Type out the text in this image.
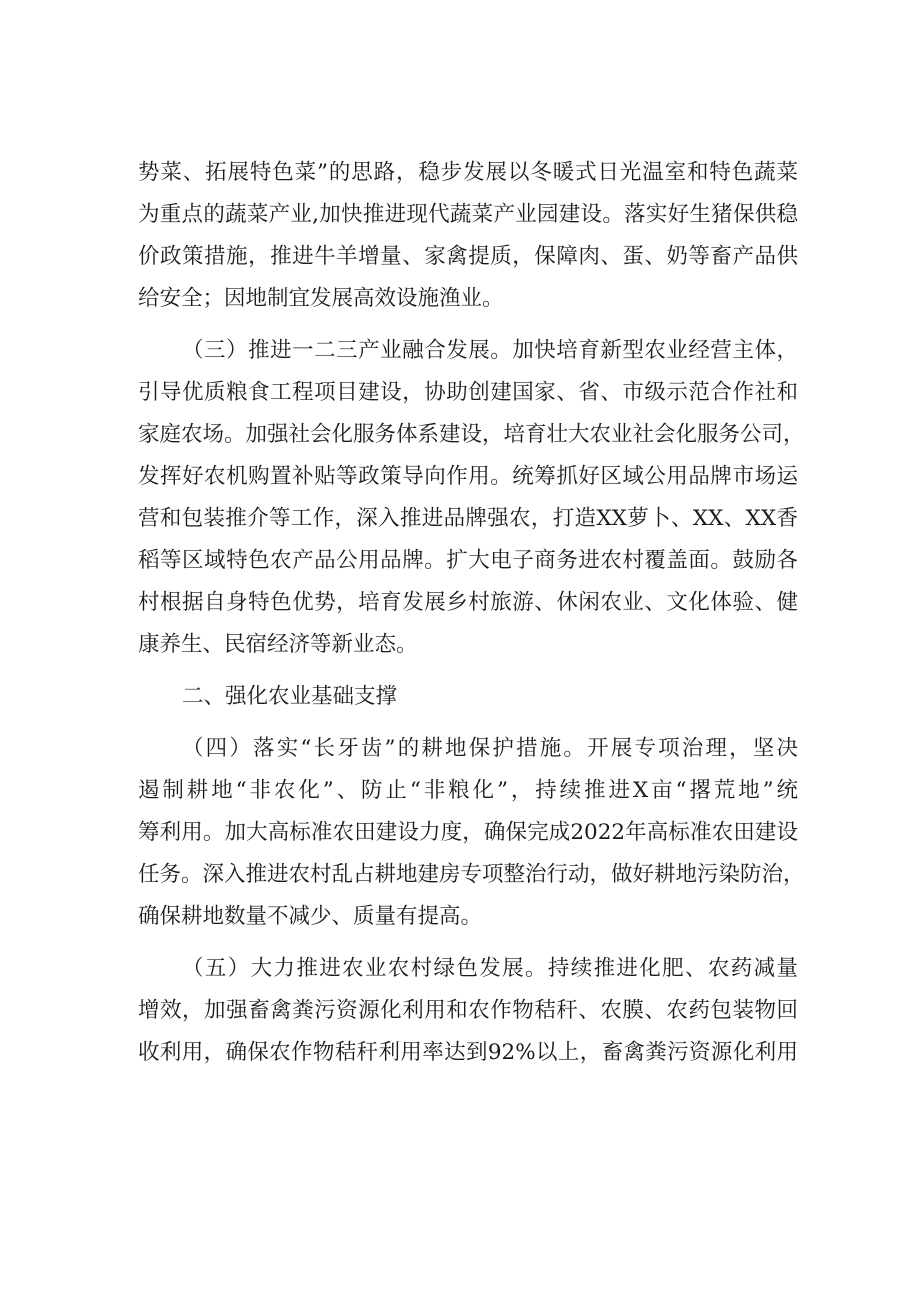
势菜、拓展特色菜”的思路，稳步发展以冬暖式日光温室和特色蔬菜
为重点的蔬菜产业,加快推进现代蔬菜产业园建设。落实好生猪保供稳
价政策措施，推进牛羊增量、家禽提质，保障肉、蛋、奶等畜产品供
给安全；因地制宜发展高效设施渔业。
（三）推进一二三产业融合发展。加快培育新型农业经营主体，
引导优质粮食工程项目建设，协助创建国家、省、市级示范合作社和
家庭农场。加强社会化服务体系建设，培育壮大农业社会化服务公司，
发挥好农机购置补贴等政策导向作用。统筹抓好区域公用品牌市场运
营和包装推介等工作，深入推进品牌强农，打造XX萝卜、XX、XX香
稻等区域特色农产品公用品牌。扩大电子商务进农村覆盖面。鼓励各
村根据自身特色优势，培育发展乡村旅游、休闲农业、文化体验、健
康养生、民宿经济等新业态。
二、强化农业基础支撑
（四）落实“长牙齿”的耕地保护措施。开展专项治理，坚决
遏制耕地“非农化”、防止“非粮化”，持续推进X亩“撂荒地”统
筹利用。加大高标准农田建设力度，确保完成2022年高标准农田建设
任务。深入推进农村乱占耕地建房专项整治行动，做好耕地污染防治，
确保耕地数量不减少、质量有提高。
（五）大力推进农业农村绿色发展。持续推进化肥、农药减量
增效，加强畜禽粪污资源化利用和农作物秸秆、农膜、农药包装物回
收利用，确保农作物秸秆利用率达到92%以上，畜禽粪污资源化利用
